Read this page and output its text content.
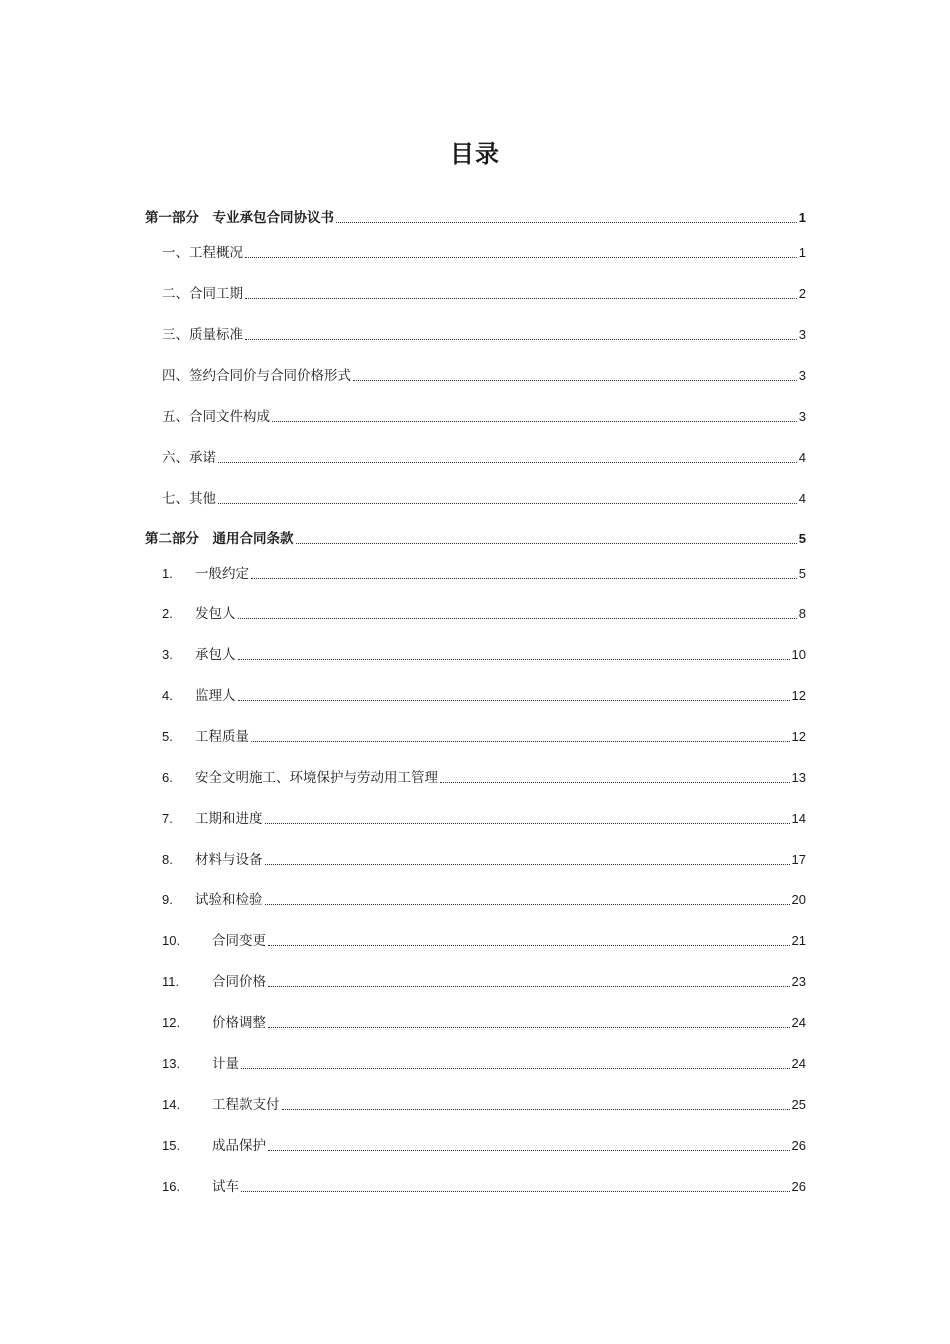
目录
第一部分　专业承包合同协议书	1
一、工程概况	1
二、合同工期	2
三、质量标准	3
四、签约合同价与合同价格形式	3
五、合同文件构成	3
六、承诺	4
七、其他	4
第二部分　通用合同条款	5
1.	一般约定	5
2.	发包人	8
3.	承包人	10
4.	监理人	12
5.	工程质量	12
6.	安全文明施工、环境保护与劳动用工管理	13
7.	工期和进度	14
8.	材料与设备	17
9.	试验和检验	20
10.	合同变更	21
11.	合同价格	23
12.	价格调整	24
13.	计量	24
14.	工程款支付	25
15.	成品保护	26
16.	试车	26
